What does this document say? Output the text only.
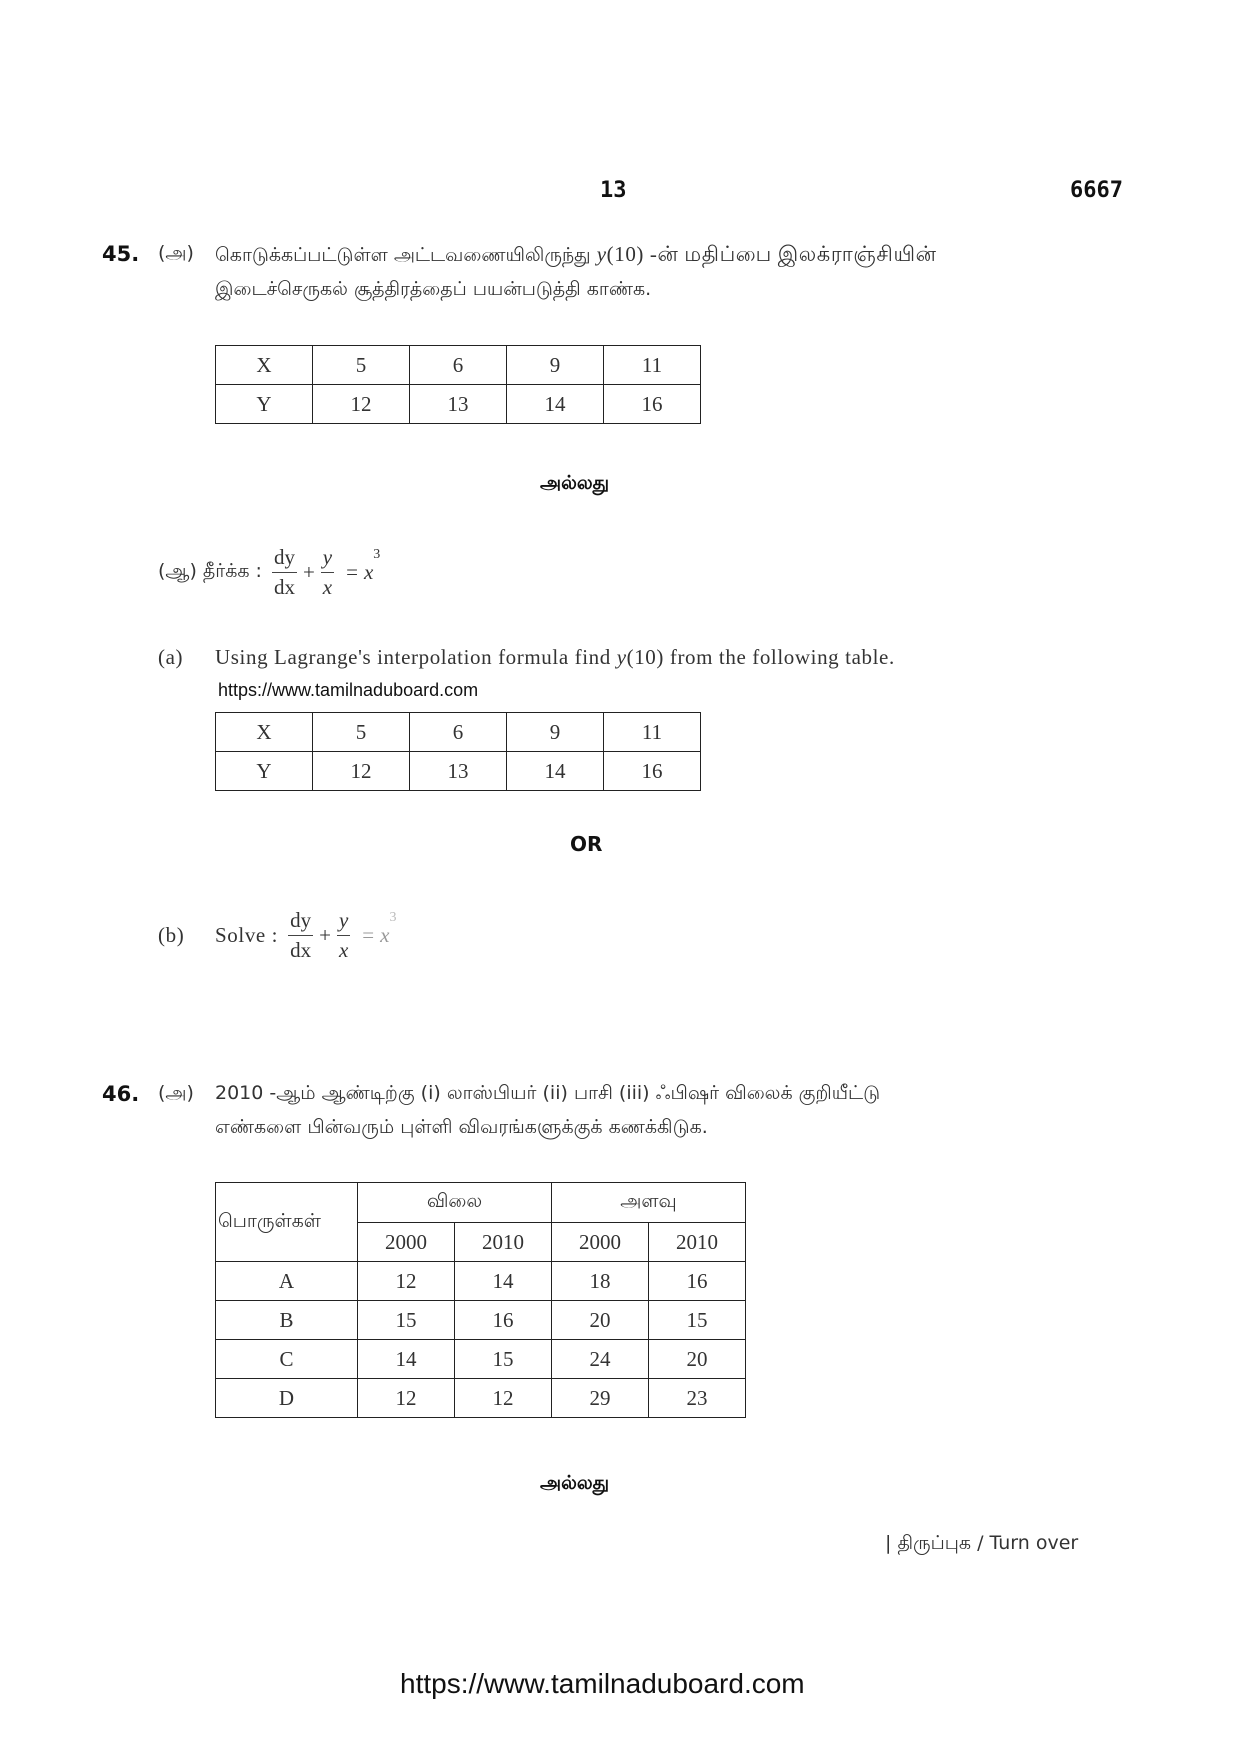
13	6667
45. (அ) கொடுக்கப்பட்டுள்ள அட்டவணையிலிருந்து y(10) -ன் மதிப்பை இலக்ராஞ்சியின்
இடைச்செருகல் சூத்திரத்தைப் பயன்படுத்தி காண்க.
X	5	6	9	11
Y	12	13	14	16
அல்லது
(ஆ) தீர்க்க : $\frac{dy}{dx} + \frac{y}{x} = x$
$^3$
(a) Using Lagrange's interpolation formula find y(10) from the following table.
https://www.tamilnaduboard.com
X	5	6	9	11
Y	12	13	14	16
OR
(b)	Solve : $\frac{dy}{dx} + \frac{y}{x} = x$
$^3$
46. (அ) 2010 -ஆம் ஆண்டிற்கு (i) லாஸ்பியர் (ii) பாசி (iii) ஃபிஷர் விலைக் குறியீட்டு
எண்களை பின்வரும் புள்ளி விவரங்களுக்குக் கணக்கிடுக.
பொருள்கள்	விலை		அளவு	
	2000	2010	2000	2010
A	12	14	18	16
B	15	16	20	15
C	14	15	24	20
D	12	12	29	23
அல்லது
| திருப்புக / Turn over
https://www.tamilnaduboard.com
